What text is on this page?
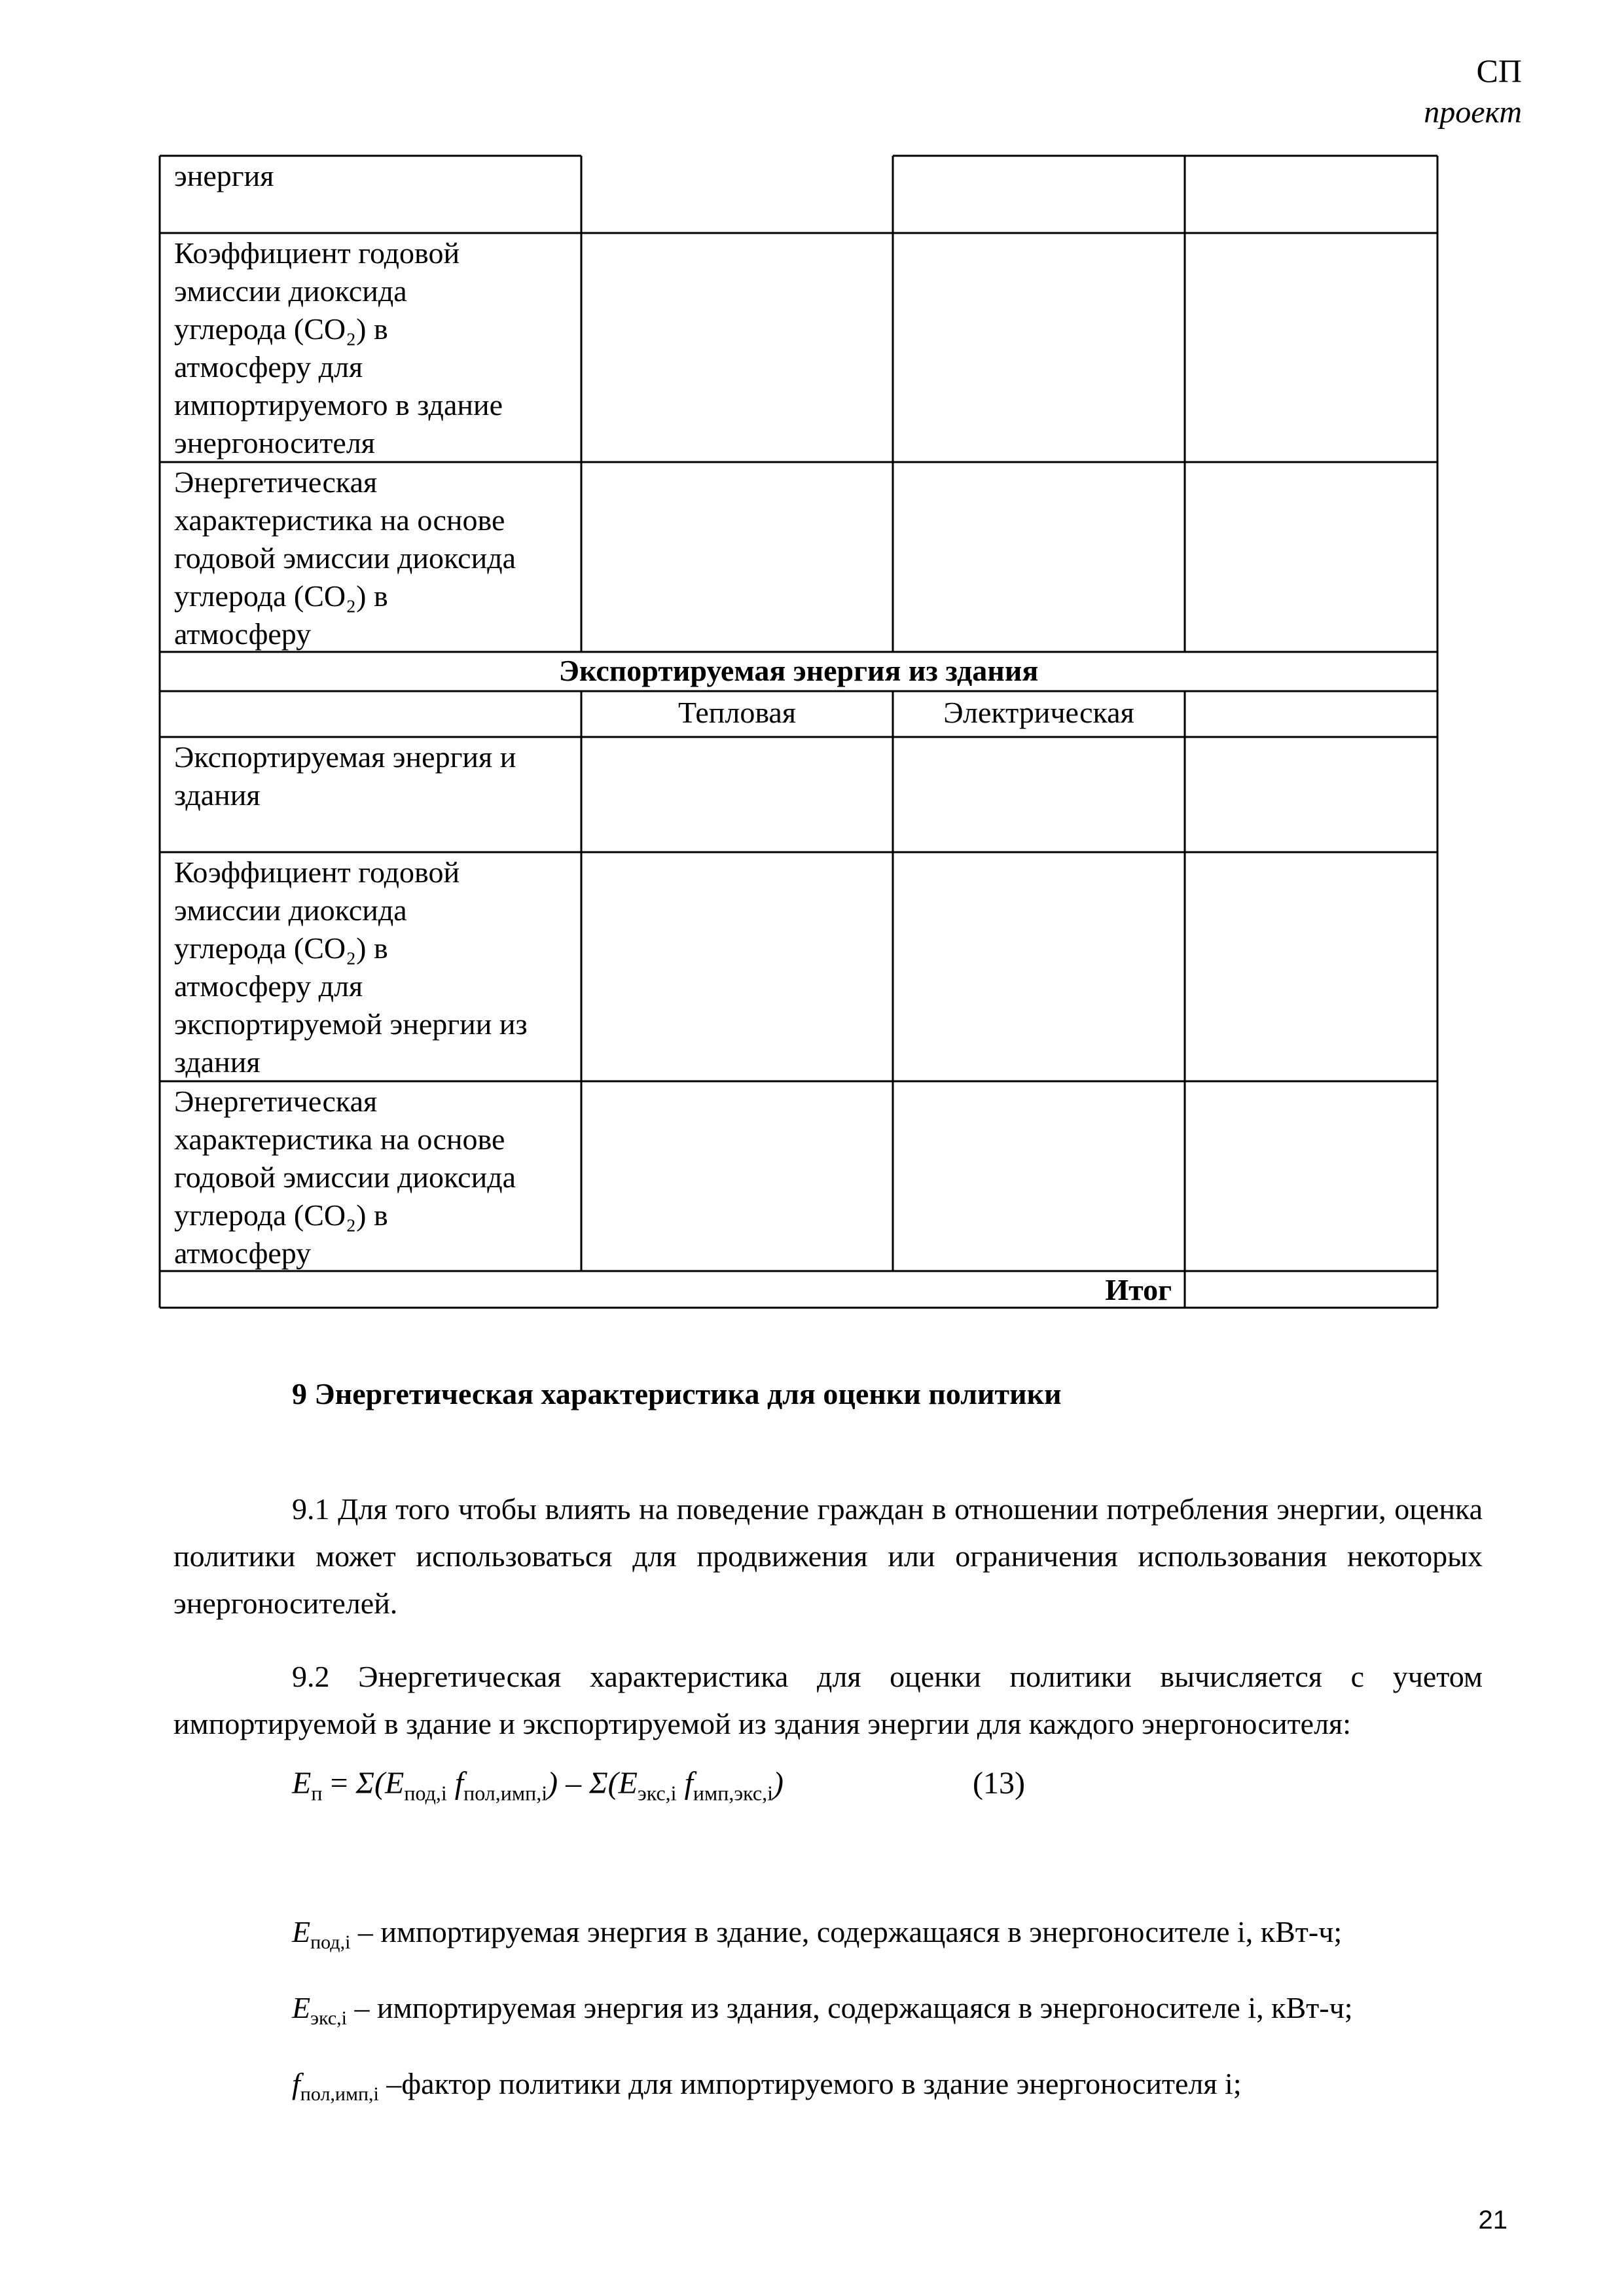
СП
проект
энергия
Коэффициент годовой
эмиссии диоксида
углерода (СО₂) в
атмосферу для
импортируемого в здание
энергоносителя
Энергетическая
характеристика на основе
годовой эмиссии диоксида
углерода (СО₂) в
атмосферу
Экспортируемая энергия из здания
Тепловая	Электрическая
Экспортируемая энергия и
здания
Коэффициент годовой
эмиссии диоксида
углерода (СО₂) в
атмосферу для
экспортируемой энергии из
здания
Энергетическая
характеристика на основе
годовой эмиссии диоксида
углерода (СО₂) в
атмосферу
Итог
9 Энергетическая характеристика для оценки политики
9.1 Для того чтобы влиять на поведение граждан в отношении потребления энергии, оценка политики может использоваться для продвижения или ограничения использования некоторых энергоносителей.
9.2 Энергетическая характеристика для оценки политики вычисляется с учетом импортируемой в здание и экспортируемой из здания энергии для каждого энергоносителя:
$E_п = \Sigma(E_{под,i}$ $f_{пол,имп,i}) - \Sigma(E_{экс,i}$ $f_{имп,экс,i}$)	(13)
$E_{под,i}$ – импортируемая энергия в здание, содержащаяся в энергоносителе i, кВт-ч;
$E_{экс,i}$ – импортируемая энергия из здания, содержащаяся в энергоносителе i, кВт-ч;
$f_{пол,имп,i}$ –фактор политики для импортируемого в здание энергоносителя i;
21
